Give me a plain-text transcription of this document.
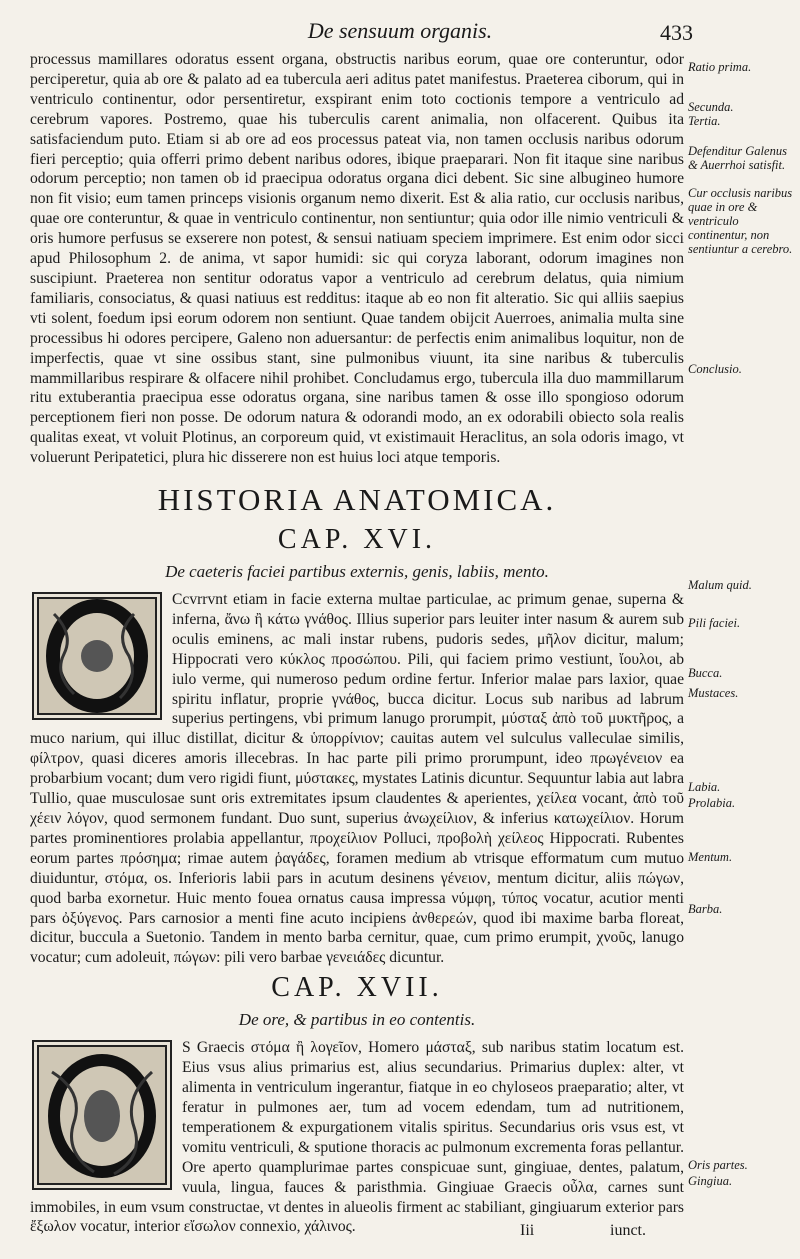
De sensuum organis.	433

processus mamillares odoratus essent organa, obstructis naribus eorum, quae ore conteruntur, odor perciperetur, quia ab ore & palato ad ea tubercula aeri aditus patet manifestus. Praeterea ciborum, qui in ventriculo continentur, odor persentiretur, exspirant enim toto coctionis tempore a ventriculo ad cerebrum vapores. Postremo, quae his tuberculis carent animalia, non olfacerent. Quibus ita satisfaciendum puto. Etiam si ab ore ad eos processus pateat via, non tamen occlusis naribus odorum fieri perceptio; quia offerri primo debent naribus odores, ibique praeparari. Non fit itaque sine naribus odorum perceptio; non tamen ob id praecipua odoratus organa dici debent. Sic sine albugineo humore non fit visio; eum tamen princeps visionis organum nemo dixerit. Est & alia ratio, cur occlusis naribus, quae ore conteruntur, & quae in ventriculo continentur, non sentiuntur; quia odor ille nimio ventriculi & oris humore perfusus se exserere non potest, & sensui natiuam speciem imprimere. Est enim odor sicci apud Philosophum 2. de anima, vt sapor humidi: sic qui coryza laborant, odorum imagines non suscipiunt. Praeterea non sentitur odoratus vapor a ventriculo ad cerebrum delatus, quia nimium familiaris, consociatus, & quasi natiuus est redditus: itaque ab eo non fit alteratio. Sic qui alliis saepius vti solent, foedum ipsi eorum odorem non sentiunt. Quae tandem obijcit Auerroes, animalia multa sine processibus hi odores percipere, Galeno non aduersantur: de perfectis enim animalibus loquitur, non de imperfectis, quae vt sine ossibus stant, sine pulmonibus viuunt, ita sine naribus & tuberculis mammillaribus respirare & olfacere nihil prohibet. Concludamus ergo, tubercula illa duo mammillarum ritu extuberantia praecipua esse odoratus organa, sine naribus tamen & osse illo spongioso odorum perceptionem fieri non posse. De odorum natura & odorandi modo, an ex odorabili obiecto sola realis qualitas exeat, vt voluit Plotinus, an corporeum quid, vt existimauit Heraclitus, an sola odoris imago, vt voluerunt Peripatetici, plura hic disserere non est huius loci atque temporis.

HISTORIA ANATOMICA.
CAP. XVI.
De caeteris faciei partibus externis, genis, labiis, mento.

Ccvrrvnt etiam in facie externa multae particulae, ac primum genae, superna & inferna, ἄνω ἢ κάτω γνάθος. Illius superior pars leuiter inter nasum & aurem sub oculis eminens, ac mali instar rubens, pudoris sedes, μῆλον dicitur, malum; Hippocrati vero κύκλος προσώπου. Pili, qui faciem primo vestiunt, ἴουλοι, ab iulo verme, qui numeroso pedum ordine fertur. Inferior malae pars laxior, quae spiritu inflatur, proprie γνάθος, bucca dicitur. Locus sub naribus ad labrum superius pertingens, vbi primum lanugo prorumpit, μύσταξ ἀπὸ τοῦ μυκτῆρος, a muco narium, qui illuc distillat, dicitur & ὑπορρίνιον; cauitas autem vel sulculus valleculae similis, φίλτρον, quasi diceres amoris illecebras. In hac parte pili primo prorumpunt, ideo πρωγένειον ea probarbium vocant; dum vero rigidi fiunt, μύστακες, mystates Latinis dicuntur. Sequuntur labia aut labra Tullio, quae musculosae sunt oris extremitates ipsum claudentes & aperientes, χείλεα vocant, ἀπὸ τοῦ χέειν λόγον, quod sermonem fundant. Duo sunt, superius ἀνωχείλιον, & inferius κατωχείλιον. Horum partes prominentiores prolabia appellantur, προχείλιον Polluci, προβολὴ χείλεος Hippocrati. Rubentes eorum partes πρόσημα; rimae autem ῥαγάδες, foramen medium ab vtrisque efformatum cum mutuo diuiduntur, στόμα, os. Inferioris labii pars in acutum desinens γένειον, mentum dicitur, aliis πώγων, quod barba exornetur. Huic mento fouea ornatus causa impressa νύμφη, τύπος vocatur, acutior menti pars ὀξύγενος. Pars carnosior a menti fine acuto incipiens ἀνθερεών, quod ibi maxime barba floreat, dicitur, buccula a Suetonio. Tandem in mento barba cernitur, quae, cum primo erumpit, χνοῦς, lanugo vocatur; cum adoleuit, πώγων: pili vero barbae γενειάδες dicuntur.

CAP. XVII.
De ore, & partibus in eo contentis.

S Graecis στόμα ἢ λογεῖον, Homero μάσταξ, sub naribus statim locatum est. Eius vsus alius primarius est, alius secundarius. Primarius duplex: alter, vt alimenta in ventriculum ingerantur, fiatque in eo chyloseos praeparatio; alter, vt feratur in pulmones aer, tum ad vocem edendam, tum ad nutritionem, temperationem & expurgationem vitalis spiritus. Secundarius oris vsus est, vt vomitu ventriculi, & sputione thoracis ac pulmonum excrementa foras pellantur. Ore aperto quamplurimae partes conspicuae sunt, gingiuae, dentes, palatum, vuula, lingua, fauces & paristhmia. Gingiuae Graecis οὖλα, carnes sunt immobiles, in eum vsum constructae, vt dentes in alueolis firment ac stabiliant, gingiuarum exterior pars ἔξωλον vocatur, interior εἴσωλον connexio, χάλινος.

Ratio prima.
Secunda.
Tertia.
Defenditur Galenus & Auerrhoi satisfit.
Cur occlusis naribus quae in ore & ventriculo continentur, non sentiuntur a cerebro.
Conclusio.
Malum quid.
Pili faciei.
Bucca.
Mustaces.
Labia.
Prolabia.
Mentum.
Barba.
Oris partes.
Gingiua.
Iii	iunct.
